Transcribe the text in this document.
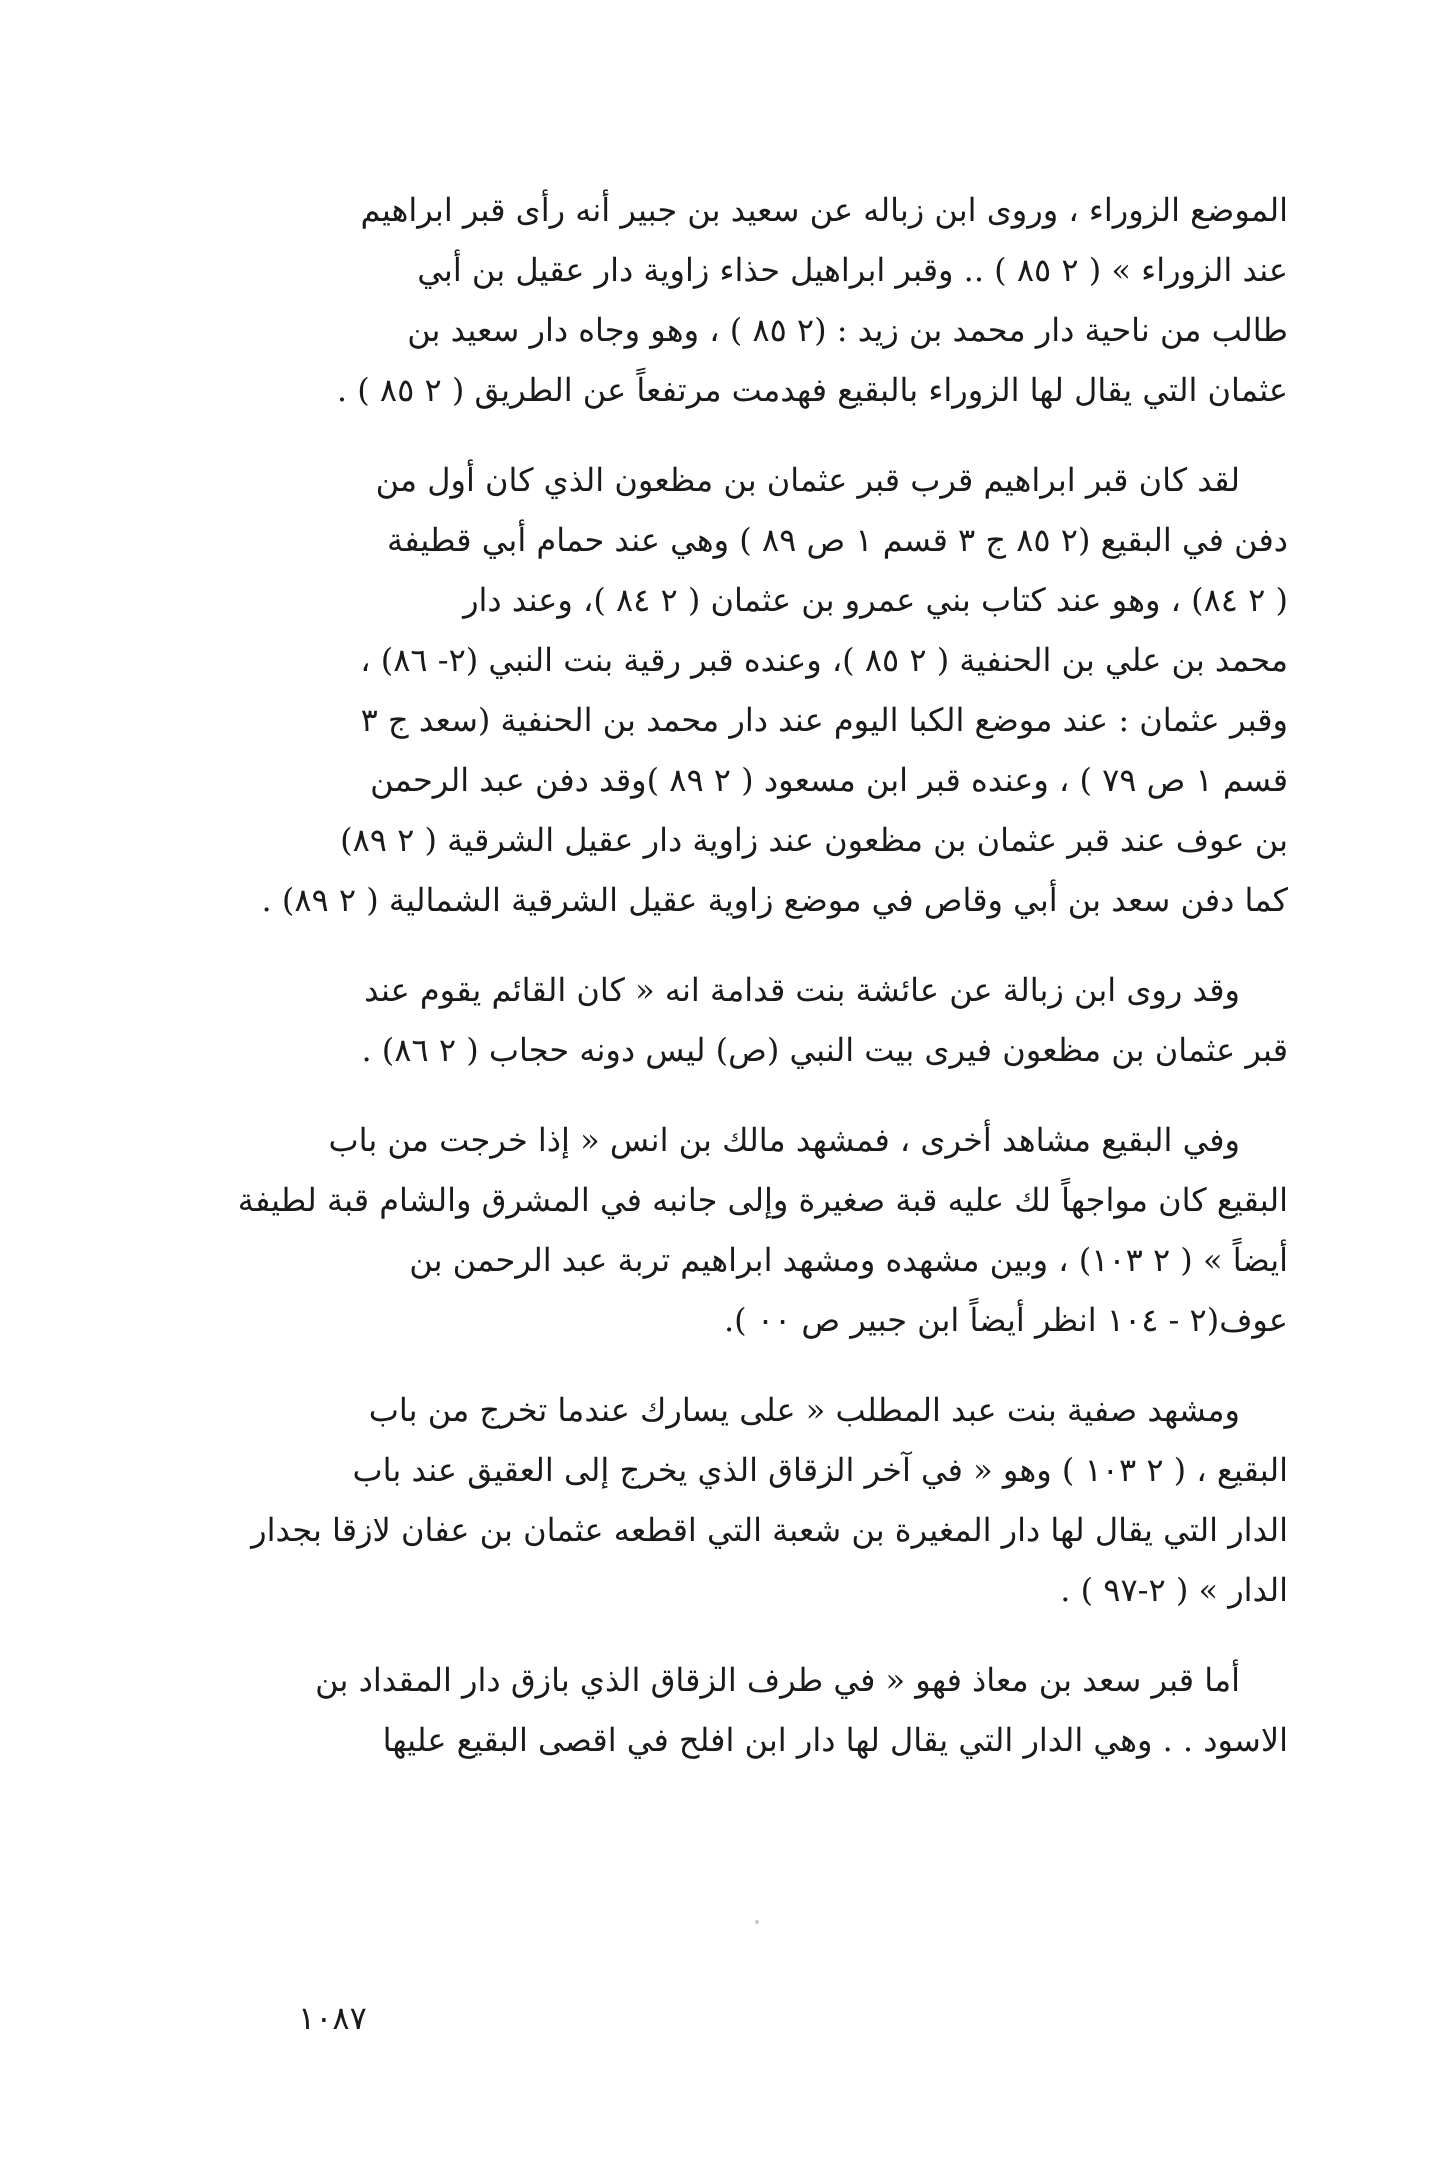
الموضع الزوراء ، وروى ابن زباله عن سعيد بن جبير أنه رأى قبر ابراهيم
عند الزوراء » ( ٢ ٨٥ ) .. وقبر ابراهيل حذاء زاوية دار عقيل بن أبي
طالب من ناحية دار محمد بن زيد : (٢ ٨٥ ) ، وهو وجاه دار سعيد بن
عثمان التي يقال لها الزوراء بالبقيع فهدمت مرتفعاً عن الطريق ( ٢ ٨٥ ) .

لقد كان قبر ابراهيم قرب قبر عثمان بن مظعون الذي كان أول من
دفن في البقيع (٢ ٨٥ ج ٣ قسم ١ ص ٨٩ ) وهي عند حمام أبي قطيفة
( ٢ ٨٤) ، وهو عند كتاب بني عمرو بن عثمان ( ٢ ٨٤ )، وعند دار
محمد بن علي بن الحنفية ( ٢ ٨٥ )، وعنده قبر رقية بنت النبي (٢- ٨٦) ،
وقبر عثمان : عند موضع الكبا اليوم عند دار محمد بن الحنفية (سعد ج ٣
قسم ١ ص ٧٩ ) ، وعنده قبر ابن مسعود ( ٢ ٨٩ )وقد دفن عبد الرحمن
بن عوف عند قبر عثمان بن مظعون عند زاوية دار عقيل الشرقية ( ٢ ٨٩)
كما دفن سعد بن أبي وقاص في موضع زاوية عقيل الشرقية الشمالية ( ٢ ٨٩) .

وقد روى ابن زبالة عن عائشة بنت قدامة انه « كان القائم يقوم عند
قبر عثمان بن مظعون فيرى بيت النبي (ص) ليس دونه حجاب ( ٢ ٨٦) .

وفي البقيع مشاهد أخرى ، فمشهد مالك بن انس « إذا خرجت من باب
البقيع كان مواجهاً لك عليه قبة صغيرة وإلى جانبه في المشرق والشام قبة لطيفة
أيضاً » ( ٢ ١٠٣) ، وبين مشهده ومشهد ابراهيم تربة عبد الرحمن بن
عوف(٢ - ١٠٤ انظر أيضاً ابن جبير ص ٠٠ ).

ومشهد صفية بنت عبد المطلب « على يسارك عندما تخرج من باب
البقيع ، ( ٢ ١٠٣ ) وهو « في آخر الزقاق الذي يخرج إلى العقيق عند باب
الدار التي يقال لها دار المغيرة بن شعبة التي اقطعه عثمان بن عفان لازقا بجدار
الدار » ( ٢-٩٧ ) .

أما قبر سعد بن معاذ فهو « في طرف الزقاق الذي بازق دار المقداد بن
الاسود . . وهي الدار التي يقال لها دار ابن افلح في اقصى البقيع عليها

١٠٨٧
